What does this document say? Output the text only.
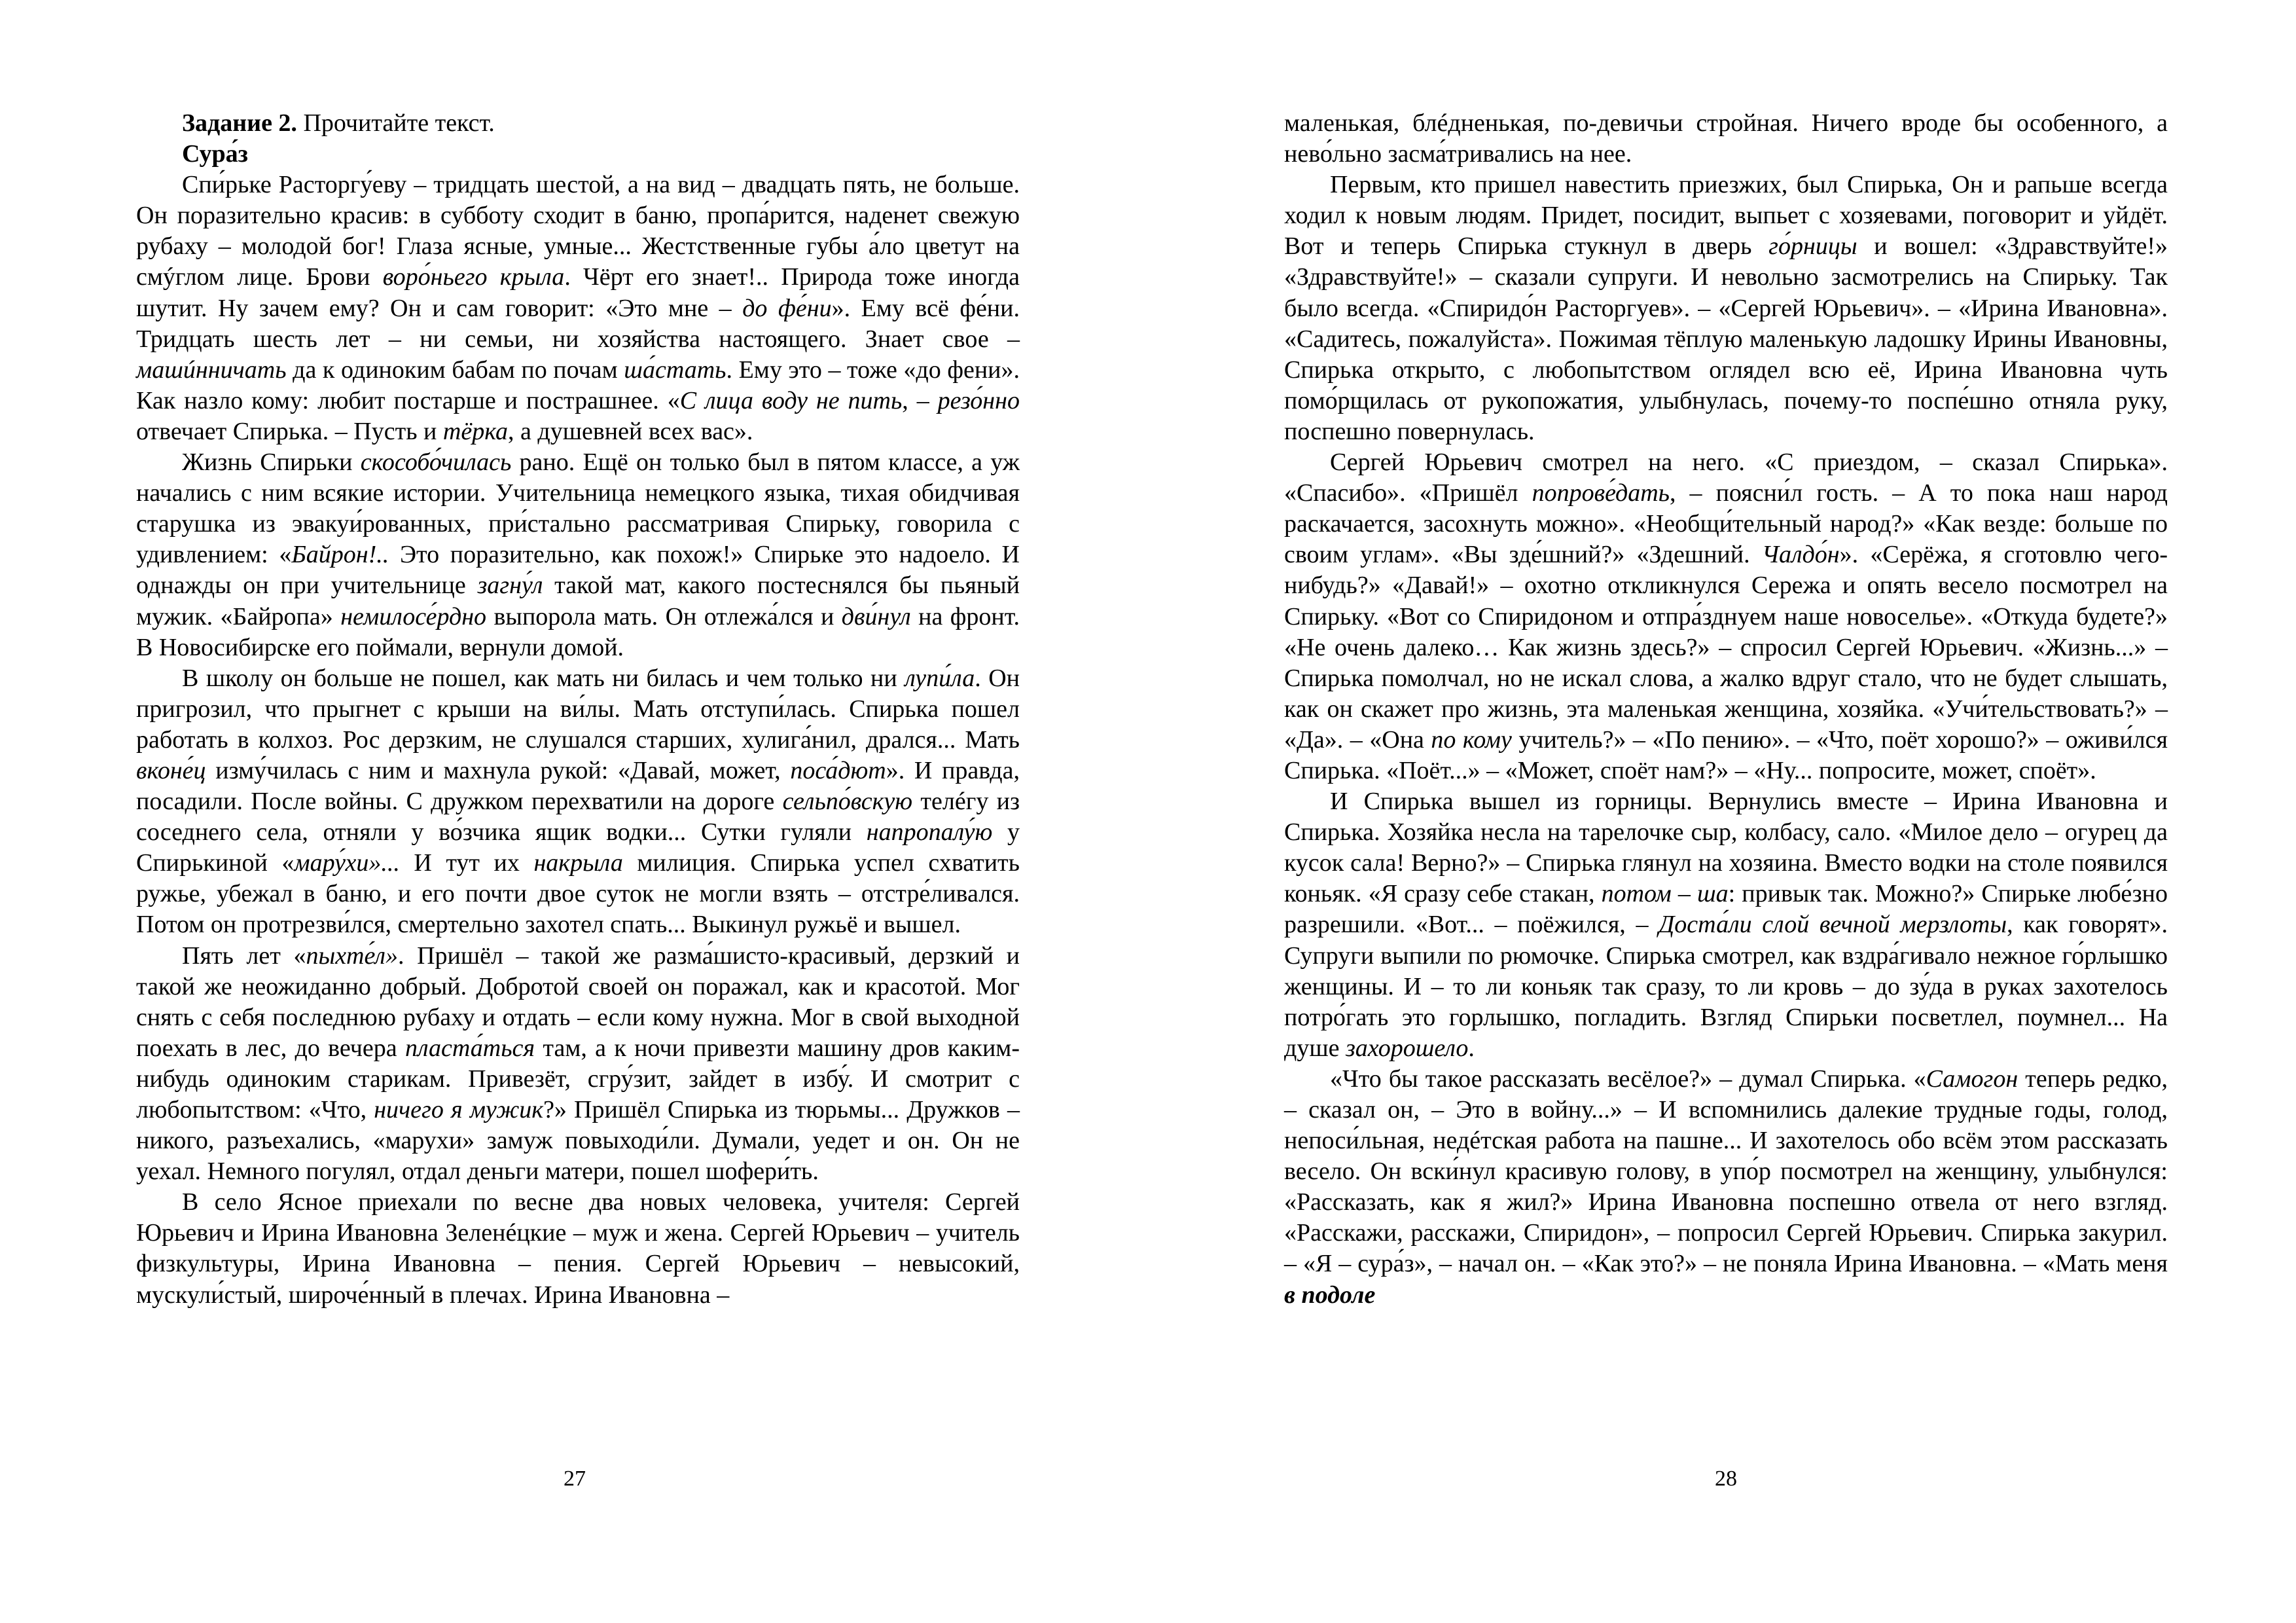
Задание 2. Прочитайте текст.

Сура́з

Спи́рьке Расторгу́еву – тридцать шестой, а на вид – двадцать пять, не больше. Он поразительно красив: в субботу сходит в баню, пропа́рится, наденет свежую рубаху – молодой бог! Глаза ясные, умные... Жестственные губы а́ло цветут на смýглом лице. Брови воро́ньего крыла. Чёрт его знает!.. Природа тоже иногда шутит. Ну зачем ему? Он и сам говорит: «Это мне – до фе́ни». Ему всё фе́ни. Тридцать шесть лет – ни семьи, ни хозяйства настоящего. Знает свое – машúнничать да к одиноким бабам по почам ша́стать. Ему это – тоже «до фени». Как назло кому: любит постарше и пострашнее. «С лица воду не пить, – резо́нно отвечает Спирька. – Пусть и тёрка, а душевней всех вас».

Жизнь Спирьки скособо́чилась рано. Ещё он только был в пятом классе, а уж начались с ним всякие истории. Учительница немецкого языка, тихая обидчивая старушка из эвакуи́рованных, при́стально рассматривая Спирьку, говорила с удивлением: «Байрон!.. Это поразительно, как похож!» Спирьке это надоело. И однажды он при учительнице загну́л такой мат, какого постеснялся бы пьяный мужик. «Байропа» немилосе́рдно выпорола мать. Он отлежа́лся и дви́нул на фронт. В Новосибирске его поймали, вернули домой.

В школу он больше не пошел, как мать ни билась и чем только ни лупи́ла. Он пригрозил, что прыгнет с крыши на ви́лы. Мать отступи́лась. Спирька пошел работать в колхоз. Рос дерзким, не слушался старших, хулига́нил, дрался... Мать вконе́ц изму́чилась с ним и махнула рукой: «Давай, может, поса́дют». И правда, посадили. После войны. С дружком перехватили на дороге сельпо́вскую телéгу из соседнего села, отняли у во́зчика ящик водки... Сутки гуляли напропалу́ю у Спирькиной «мару́хи»... И тут их накрыла милиция. Спирька успел схватить ружье, убежал в баню, и его почти двое суток не могли взять – отстре́ливался. Потом он протрезви́лся, смертельно захотел спать... Выкинул ружьё и вышел.

Пять лет «пыхте́л». Пришёл – такой же разма́шисто-красивый, дерзкий и такой же неожиданно добрый. Добротой своей он поражал, как и красотой. Мог снять с себя последнюю рубаху и отдать – если кому нужна. Мог в свой выходной поехать в лес, до вечера пласта́ться там, а к ночи привезти машину дров каким-нибудь одиноким старикам. Привезёт, сгру́зит, зайдет в избу́. И смотрит с любопытством: «Что, ничего я мужик?» Пришёл Спирька из тюрьмы... Дружков – никого, разъехались, «марухи» замуж повыходи́ли. Думали, уедет и он. Он не уехал. Немного погулял, отдал деньги матери, пошел шофери́ть.

В село Ясное приехали по весне два новых человека, учителя: Сергей Юрьевич и Ирина Ивановна Зеленéцкие – муж и жена. Сергей Юрьевич – учитель физкультуры, Ирина Ивановна – пения. Сергей Юрьевич – невысокий, мускули́стый, широче́нный в плечах. Ирина Ивановна –

27

маленькая, блéдненькая, по-девичьи стройная. Ничего вроде бы особенного, а нево́льно засма́тривались на нее.

Первым, кто пришел навестить приезжих, был Спирька, Он и рапьше всегда ходил к новым людям. Придет, посидит, выпьет с хозяевами, поговорит и уйдёт. Вот и теперь Спирька стукнул в дверь го́рницы и вошел: «Здравствуйте!» «Здравствуйте!» – сказали супруги. И невольно засмотрелись на Спирьку. Так было всегда. «Спиридо́н Расторгуев». – «Сергей Юрьевич». – «Ирина Ивановна». «Садитесь, пожалуйста». Пожимая тёплую маленькую ладошку Ирины Ивановны, Спирька открыто, с любопытством оглядел всю её, Ирина Ивановна чуть помо́рщилась от рукопожатия, улыбнулась, почему-то поспе́шно отняла руку, поспешно повернулась.

Сергей Юрьевич смотрел на него. «С приездом, – сказал Спирька». «Спасибо». «Пришёл попрове́дать, – поясни́л гость. – А то пока наш народ раскачается, засохнуть можно». «Необщи́тельный народ?» «Как везде: больше по своим углам». «Вы зде́шний?» «Здешний. Чалдо́н». «Серёжа, я сготовлю чего-нибудь?» «Давай!» – охотно откликнулся Сережа и опять весело посмотрел на Спирьку. «Вот со Спиридоном и отпра́зднуем наше новоселье». «Откуда будете?» «Не очень далеко… Как жизнь здесь?» – спросил Сергей Юрьевич. «Жизнь...» – Спирька помолчал, но не искал слова, а жалко вдруг стало, что не будет слышать, как он скажет про жизнь, эта маленькая женщина, хозяйка. «Учи́тельствовать?» – «Да». – «Она по кому учитель?» – «По пению». – «Что, поёт хорошо?» – оживи́лся Спирька. «Поёт...» – «Может, споёт нам?» – «Ну... попросите, может, споёт».

И Спирька вышел из горницы. Вернулись вместе – Ирина Ивановна и Спирька. Хозяйка несла на тарелочке сыр, колбасу, сало. «Милое дело – огурец да кусок сала! Верно?» – Спирька глянул на хозяина. Вместо водки на столе появился коньяк. «Я сразу себе стакан, потом – ша: привык так. Можно?» Спирьке любе́зно разрешили. «Вот... – поёжился, – Доста́ли слой вечной мерзлоты, как говорят». Супруги выпили по рюмочке. Спирька смотрел, как вздра́гивало нежное го́рлышко женщины. И – то ли коньяк так сразу, то ли кровь – до зу́да в руках захотелось потро́гать это горлышко, погладить. Взгляд Спирьки посветлел, поумнел... На душе захорошело.

«Что бы такое рассказать весёлое?» – думал Спирька. «Самогон теперь редко, – сказал он, – Это в войну...» – И вспомнились далекие трудные годы, голод, непоси́льная, недéтская работа на пашне... И захотелось обо всём этом рассказать весело. Он вски́нул красивую голову, в упо́р посмотрел на женщину, улыбнулся: «Рассказать, как я жил?» Ирина Ивановна поспешно отвела от него взгляд. «Расскажи, расскажи, Спиридон», – попросил Сергей Юрьевич. Спирька закурил. – «Я – сура́з», – начал он. – «Как это?» – не поняла Ирина Ивановна. – «Мать меня в подоле

28
